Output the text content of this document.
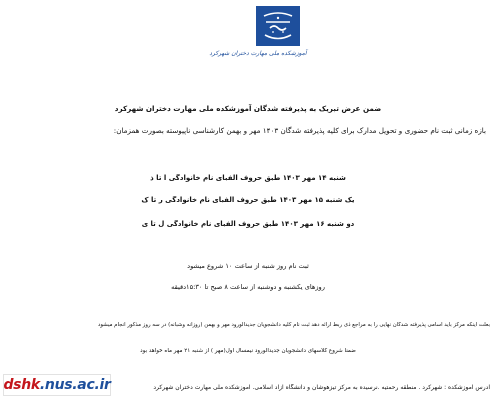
آموزشکده ملی مهارت دختران شهرکرد
ضمن عرض تبریک به پذیرفته شدگان آموزشکده ملی مهارت دختران شهرکرد
بازه زمانی ثبت نام حضوری و تحویل مدارک برای کلیه پذیرفته شدگان ۱۴۰۳ مهر و بهمن کارشناسی ناپیوسته بصورت همزمان:
شنبه ۱۴ مهر ۱۴۰۳ طبق حروف الفبای نام خانوادگی آ تا ذ
یک شنبه ۱۵ مهر ۱۴۰۳ طبق حروف الفبای نام خانوادگی ر تا ک
دو شنبه ۱۶ مهر ۱۴۰۳ طبق حروف الفبای نام خانوادگی ل تا ی
ثبت نام روز شنبه از ساعت ۱۰ شروع میشود
روزهای یکشنبه و دوشنبه از ساعت ۸ صبح تا ۱۵:۳۰دقیقه
بعلت اینکه مرکز باید اسامی پذیرفته شدگان نهایی را به مراجع ذی ربط ارائه دهد ثبت نام کلیه دانشجویان جدیدالورود مهر و بهمن (روزانه وشبانه) در سه روز مذکور انجام میشود
ضمنا شروع کلاسهای دانشجویان جدیدالورود نیمسال اول(مهر ) از شنبه ۲۱ مهر ماه خواهد بود
آدرس آموزشکده : شهرکرد . منطقه رحمتیه .نرسیده به مرکز تیزهوشان و دانشگاه آزاد اسلامی. آموزشکده ملی مهارت دختران شهرکرد
dshk.nus.ac.ir
